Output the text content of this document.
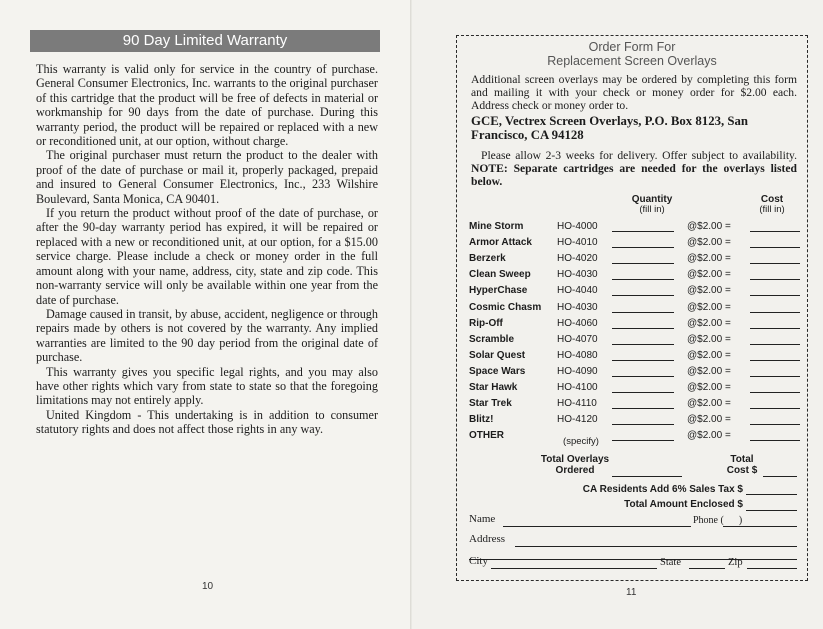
90 Day Limited Warranty

This warranty is valid only for service in the country of purchase. General Consumer Electronics, Inc. warrants to the original purchaser of this cartridge that the product will be free of defects in material or workmanship for 90 days from the date of purchase. During this warranty period, the product will be repaired or replaced with a new or reconditioned unit, at our option, without charge.

The original purchaser must return the product to the dealer with proof of the date of purchase or mail it, properly packaged, prepaid and insured to General Consumer Electronics, Inc., 233 Wilshire Boulevard, Santa Monica, CA 90401.

If you return the product without proof of the date of purchase, or after the 90-day warranty period has expired, it will be repaired or replaced with a new or reconditioned unit, at our option, for a $15.00 service charge. Please include a check or money order in the full amount along with your name, address, city, state and zip code. This non-warranty service will only be available within one year from the date of purchase.

Damage caused in transit, by abuse, accident, negligence or through repairs made by others is not covered by the warranty. Any implied warranties are limited to the 90 day period from the original date of purchase.

This warranty gives you specific legal rights, and you may also have other rights which vary from state to state so that the foregoing limitations may not entirely apply.

United Kingdom - This undertaking is in addition to consumer statutory rights and does not affect those rights in any way.

10
Order Form For
Replacement Screen Overlays
Additional screen overlays may be ordered by completing this form and mailing it with your check or money order for $2.00 each. Address check or money order to.
GCE, Vectrex Screen Overlays, P.O. Box 8123, San Francisco, CA 94128
Please allow 2-3 weeks for delivery. Offer subject to availability. NOTE: Separate cartridges are needed for the overlays listed below.
Quantity
(fill in)
Cost
(fill in)
Mine Storm	HO-4000	@$2.00 =
Armor Attack	HO-4010	@$2.00 =
Berzerk	HO-4020	@$2.00 =
Clean Sweep	HO-4030	@$2.00 =
HyperChase	HO-4040	@$2.00 =
Cosmic Chasm HO-4030	@$2.00 =
Rip-Off	HO-4060	@$2.00 =
Scramble	HO-4070	@$2.00 =
Solar Quest	HO-4080	@$2.00 =
Space Wars	HO-4090	@$2.00 =
Star Hawk	HO-4100	@$2.00 =
Star Trek	HO-4110	@$2.00 =
Blitz!	HO-4120	@$2.00 =
OTHER	@$2.00 =
(specify)
Total Overlays
Ordered
Total
Cost $
CA Residents Add 6% Sales Tax $
Total Amount Enclosed $
Name	Phone (      )
Address
City	State	Zip
11
